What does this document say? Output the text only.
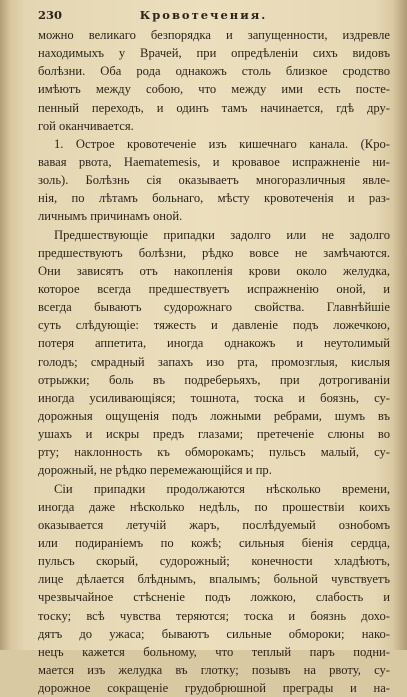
230	Кровотечения.
можно великаго безпорядка и запущенности, издревле
находимыхъ у Врачей, при опредѣленiи сихъ видовъ
болѣзни. Оба рода однакожъ столь близкое сродство
имѣютъ между собою, что между ими есть посте-
пенный переходъ, и одинъ тамъ начинается, гдѣ дру-
гой оканчивается.
1. Острое кровотеченiе изъ кишечнаго канала. (Кро-
вавая рвота, Haematemesis, и кровавое испражненiе ни-
золь). Болѣзнь сiя оказываетъ многоразличныя явле-
нiя, по лѣтамъ больнаго, мѣсту кровотеченiя и раз-
личнымъ причинамъ оной.
Предшествующiе припадки задолго или не задолго
предшествуютъ болѣзни, рѣдко вовсе не замѣчаются.
Они зависятъ отъ накопленiя крови около желудка,
которое всегда предшествуетъ испражненiю оной, и
всегда бываютъ судорожнаго свойства. Главнѣйшiе
суть слѣдующiе: тяжесть и давленiе подъ ложечкою,
потеря аппетита, иногда однакожъ и неутолимый
голодъ; смрадный запахъ изо рта, промозглыя, кислыя
отрыжки; боль въ подреберьяхъ, при дотрогиванiи
иногда усиливающiяся; тошнота, тоска и боязнь, су-
дорожныя ощущенiя подъ ложными ребрами, шумъ въ
ушахъ и искры предъ глазами; претеченiе слюны во
рту; наклонность къ обморокамъ; пульсъ малый, су-
дорожный, не рѣдко перемежающiйся и пр.
Сiи припадки продолжаются нѣсколько времени,
иногда даже нѣсколько недѣль, по прошествiи коихъ
оказывается летучiй жаръ, послѣдуемый ознобомъ
или подиранiемъ по кожѣ; сильныя бiенiя сердца,
пульсъ скорый, судорожный; конечности хладѣютъ,
лице дѣлается блѣднымъ, впалымъ; больной чувствуетъ
чрезвычайное стѣсненiе подъ ложкою, слабость и
тоску; всѣ чувства теряются; тоска и боязнь дохо-
дятъ до ужаса; бываютъ сильные обмороки; нако-
нецъ кажется больному, что теплый паръ подни-
мается изъ желудка въ глотку; позывъ на рвоту, су-
дорожное сокращенiе грудобрюшной преграды и на-
